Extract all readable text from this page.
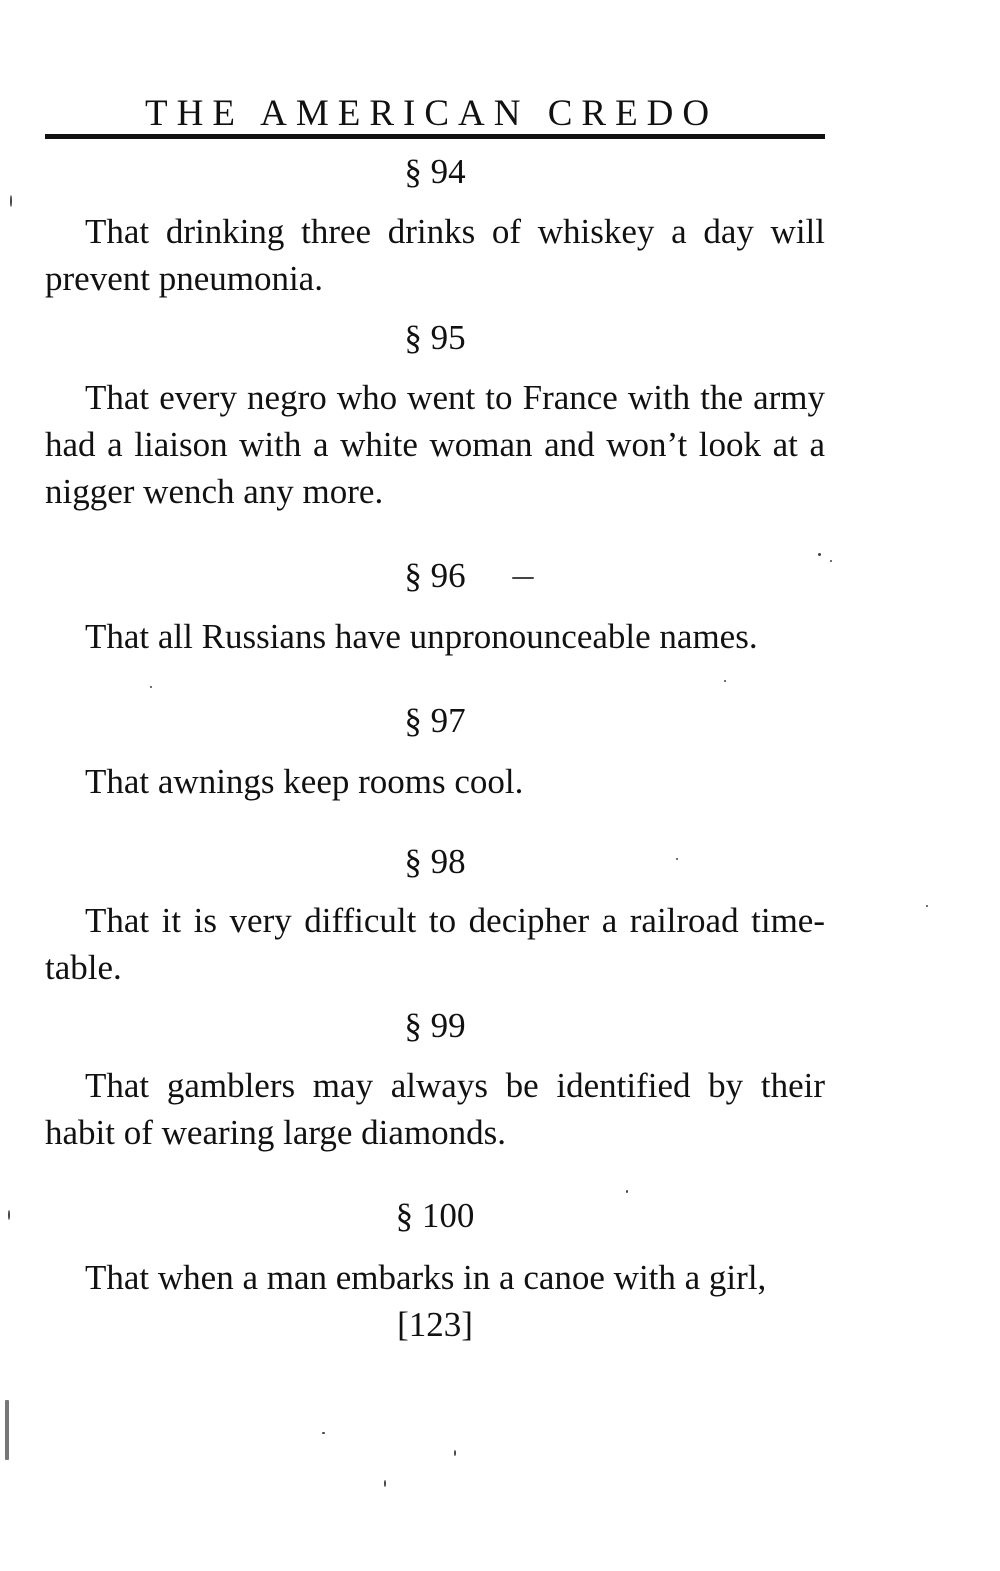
THE AMERICAN CREDO
§ 94
That drinking three drinks of whiskey a day will prevent pneumonia.
§ 95
That every negro who went to France with the army had a liaison with a white woman and won’t look at a nigger wench any more.
§ 96
That all Russians have unpronounceable names.
§ 97
That awnings keep rooms cool.
§ 98
That it is very difficult to decipher a railroad time-table.
§ 99
That gamblers may always be identified by their habit of wearing large diamonds.
§ 100
That when a man embarks in a canoe with a girl,
[123]
